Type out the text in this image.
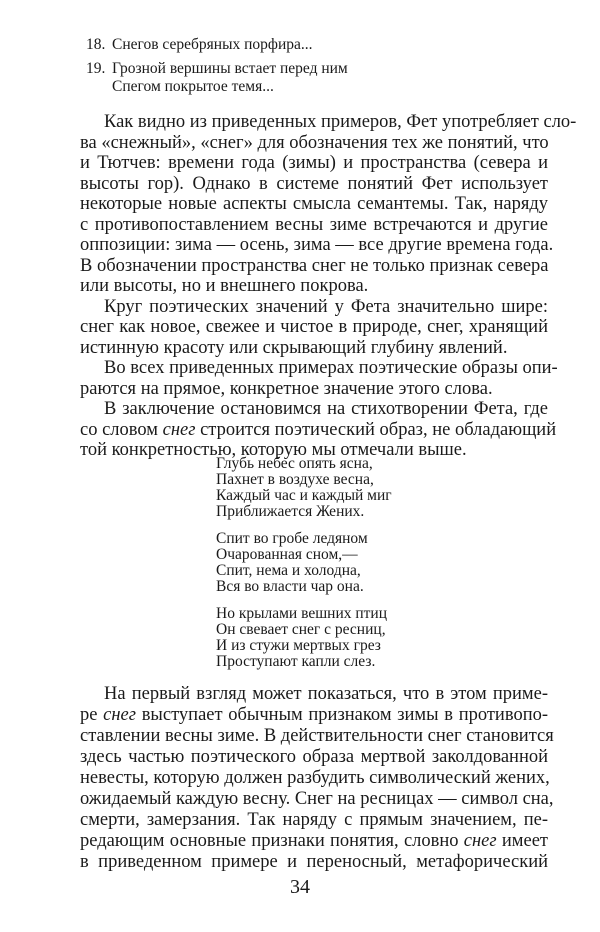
18. Снегов серебряных порфира...
19. Грозной вершины встает перед ним
Спегом покрытое темя...
Как видно из приведенных примеров, Фет употребляет сло-
ва «снежный», «снег» для обозначения тех же понятий, что
и Тютчев: времени года (зимы) и пространства (севера и
высоты гор). Однако в системе понятий Фет использует
некоторые новые аспекты смысла семантемы. Так, наряду
с противопоставлением весны зиме встречаются и другие
оппозиции: зима — осень, зима — все другие времена года.
В обозначении пространства снег не только признак севера
или высоты, но и внешнего покрова.
Круг поэтических значений у Фета значительно шире:
снег как новое, свежее и чистое в природе, снег, хранящий
истинную красоту или скрывающий глубину явлений.
Во всех приведенных примерах поэтические образы опи-
раются на прямое, конкретное значение этого слова.
В заключение остановимся на стихотворении Фета, где
со словом снег строится поэтический образ, не обладающий
той конкретностью, которую мы отмечали выше.
Глубь небес опять ясна,
Пахнет в воздухе весна,
Каждый час и каждый миг
Приближается Жених.
Спит во гробе ледяном
Очарованная сном,—
Спит, нема и холодна,
Вся во власти чар она.
Но крылами вешних птиц
Он свевает снег с ресниц,
И из стужи мертвых грез
Проступают капли слез.
На первый взгляд может показаться, что в этом приме-
ре снег выступает обычным признаком зимы в противопо-
ставлении весны зиме. В действительности снег становится
здесь частью поэтического образа мертвой заколдованной
невесты, которую должен разбудить символический жених,
ожидаемый каждую весну. Снег на ресницах — символ сна,
смерти, замерзания. Так наряду с прямым значением, пе-
редающим основные признаки понятия, словно снег имеет
в приведенном примере и переносный, метафорический
34
